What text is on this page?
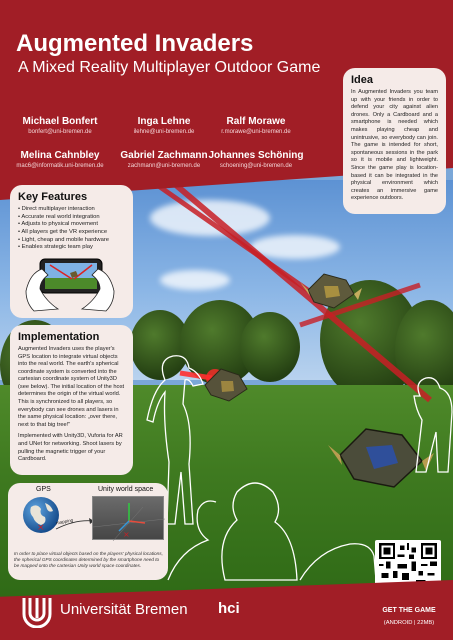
Augmented Invaders
A Mixed Reality Multiplayer Outdoor Game
Michael Bonfert
bonfert@uni-bremen.de
Inga Lehne
ilehne@uni-bremen.de
Ralf Morawe
r.morawe@uni-bremen.de
Melina Cahnbley
mac6@informatik.uni-bremen.de
Gabriel Zachmann
zachmann@uni-bremen.de
Johannes Schöning
schoening@uni-bremen.de
Idea

In Augmented Invaders you team up with your friends in order to defend your city against alien drones. Only a Cardboard and a smartphone is needed which makes playing cheap and unintrusive, so everybody can join. The game is intended for short, spontaneous sessions in the park so it is mobile and lightweight. Since the game play is location-based it can be integrated in the physical environment which creates an immersive game experience outdoors.

Key Features
• Direct multiplayer interaction
• Accurate real world integration
• Adjusts to physical movement
• All players get the VR experience
• Light, cheap and mobile hardware
• Enables strategic team play
Implementation

Augmented Invaders uses the player's GPS location to integrate virtual objects into the real world. The earth's spherical coordinate system is converted into the cartesian coordinate system of Unity3D (see below). The initial location of the host determines the origin of the virtual world. This is synchronized to all players, so everybody can see drones and lasers in the same physical location: „over there, next to that big tree!"

Implemented with Unity3D, Vuforia for AR and UNet for networking. Shoot lasers by pulling the magnetic trigger of your Cardboard.

GPS	Unity world space
×
mapping
×
In order to place virtual objects based on the players' physical locations, the spherical GPS coordinates determined by the smartphone need to be mapped onto the cartesian Unity world space coordinates.
Universität Bremen hci	GET THE GAME
(ANDROID | 22MB)
